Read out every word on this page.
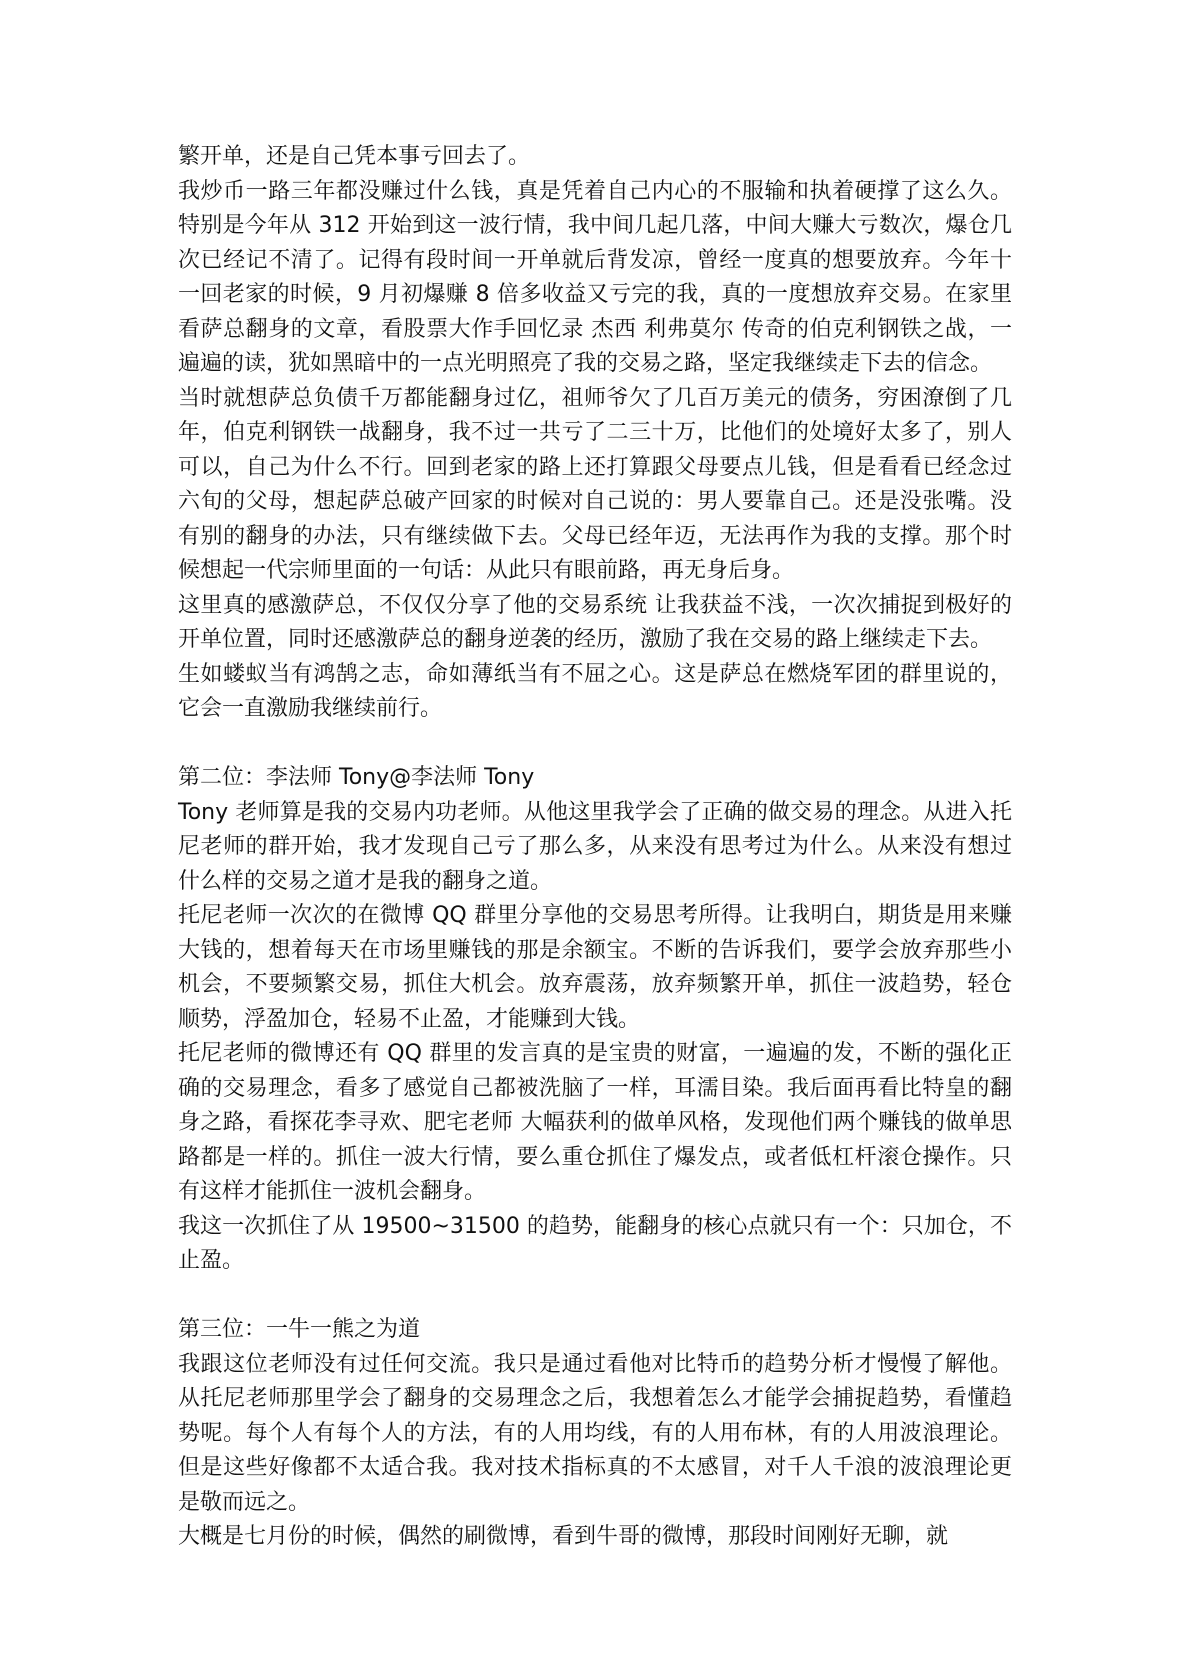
繁开单，还是自己凭本事亏回去了。

我炒币一路三年都没赚过什么钱，真是凭着自己内心的不服输和执着硬撑了这么久。特别是今年从 312 开始到这一波行情，我中间几起几落，中间大赚大亏数次，爆仓几次已经记不清了。记得有段时间一开单就后背发凉，曾经一度真的想要放弃。今年十一回老家的时候，9 月初爆赚 8 倍多收益又亏完的我，真的一度想放弃交易。在家里看萨总翻身的文章，看股票大作手回忆录 杰西 利弗莫尔 传奇的伯克利钢铁之战，一遍遍的读，犹如黑暗中的一点光明照亮了我的交易之路，坚定我继续走下去的信念。

当时就想萨总负债千万都能翻身过亿，祖师爷欠了几百万美元的债务，穷困潦倒了几年，伯克利钢铁一战翻身，我不过一共亏了二三十万，比他们的处境好太多了，别人可以，自己为什么不行。回到老家的路上还打算跟父母要点儿钱，但是看看已经念过六旬的父母，想起萨总破产回家的时候对自己说的：男人要靠自己。还是没张嘴。没有别的翻身的办法，只有继续做下去。父母已经年迈，无法再作为我的支撑。那个时候想起一代宗师里面的一句话：从此只有眼前路，再无身后身。

这里真的感激萨总，不仅仅分享了他的交易系统 让我获益不浅，一次次捕捉到极好的开单位置，同时还感激萨总的翻身逆袭的经历，激励了我在交易的路上继续走下去。

生如蝼蚁当有鸿鹄之志，命如薄纸当有不屈之心。这是萨总在燃烧军团的群里说的，它会一直激励我继续前行。

第二位：李法师 Tony@李法师 Tony

Tony 老师算是我的交易内功老师。从他这里我学会了正确的做交易的理念。从进入托尼老师的群开始，我才发现自己亏了那么多，从来没有思考过为什么。从来没有想过什么样的交易之道才是我的翻身之道。

托尼老师一次次的在微博 QQ 群里分享他的交易思考所得。让我明白，期货是用来赚大钱的，想着每天在市场里赚钱的那是余额宝。不断的告诉我们，要学会放弃那些小机会，不要频繁交易，抓住大机会。放弃震荡，放弃频繁开单，抓住一波趋势，轻仓顺势，浮盈加仓，轻易不止盈，才能赚到大钱。

托尼老师的微博还有 QQ 群里的发言真的是宝贵的财富，一遍遍的发，不断的强化正确的交易理念，看多了感觉自己都被洗脑了一样，耳濡目染。我后面再看比特皇的翻身之路，看探花李寻欢、肥宅老师 大幅获利的做单风格，发现他们两个赚钱的做单思路都是一样的。抓住一波大行情，要么重仓抓住了爆发点，或者低杠杆滚仓操作。只有这样才能抓住一波机会翻身。

我这一次抓住了从 19500~31500 的趋势，能翻身的核心点就只有一个：只加仓，不止盈。

第三位：一牛一熊之为道

我跟这位老师没有过任何交流。我只是通过看他对比特币的趋势分析才慢慢了解他。从托尼老师那里学会了翻身的交易理念之后，我想着怎么才能学会捕捉趋势，看懂趋势呢。每个人有每个人的方法，有的人用均线，有的人用布林，有的人用波浪理论。但是这些好像都不太适合我。我对技术指标真的不太感冒，对千人千浪的波浪理论更是敬而远之。

大概是七月份的时候，偶然的刷微博，看到牛哥的微博，那段时间刚好无聊，就
